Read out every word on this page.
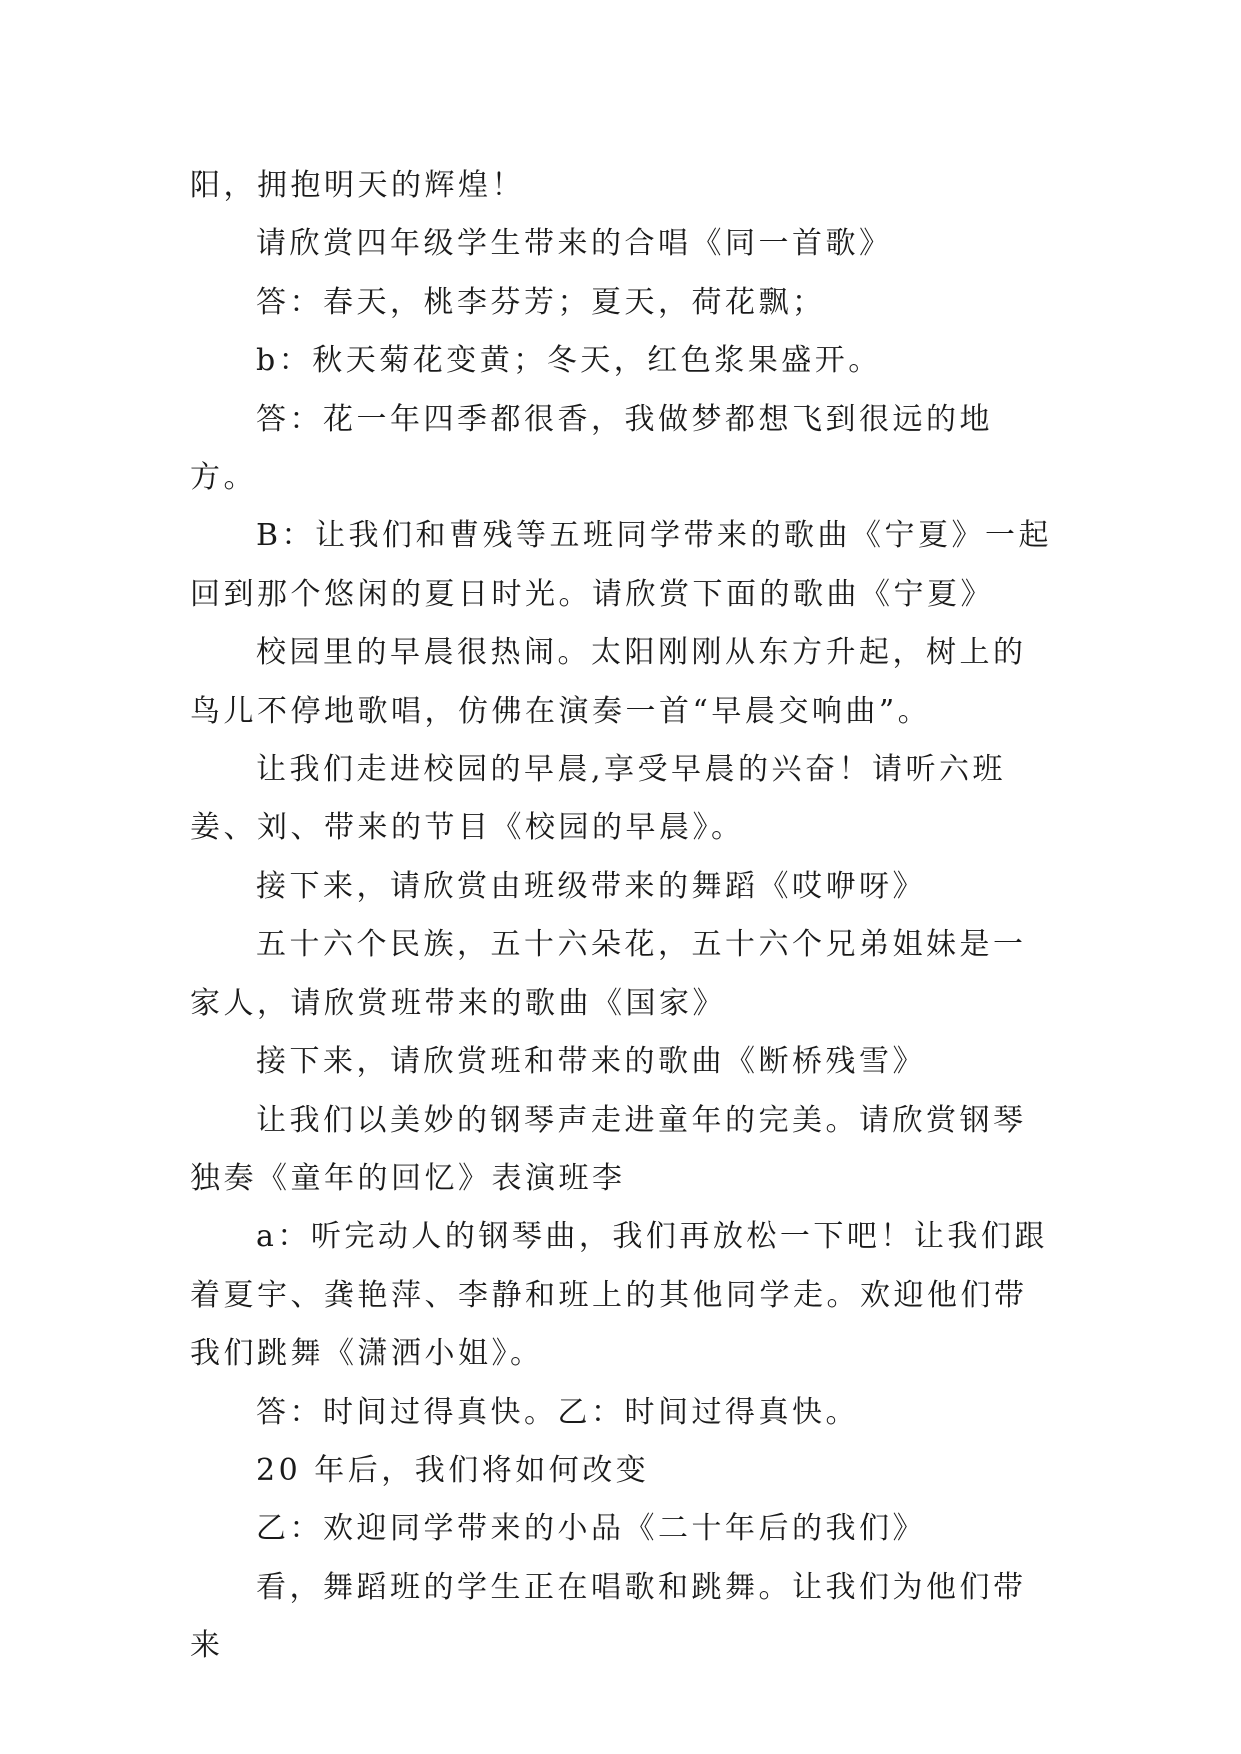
阳，拥抱明天的辉煌！

请欣赏四年级学生带来的合唱《同一首歌》

答：春天，桃李芬芳；夏天，荷花飘；

b：秋天菊花变黄；冬天，红色浆果盛开。

答：花一年四季都很香，我做梦都想飞到很远的地方。

B：让我们和曹残等五班同学带来的歌曲《宁夏》一起回到那个悠闲的夏日时光。请欣赏下面的歌曲《宁夏》

校园里的早晨很热闹。太阳刚刚从东方升起，树上的鸟儿不停地歌唱，仿佛在演奏一首“早晨交响曲”。

让我们走进校园的早晨,享受早晨的兴奋！请听六班姜、刘、带来的节目《校园的早晨》。

接下来，请欣赏由班级带来的舞蹈《哎咿呀》

五十六个民族，五十六朵花，五十六个兄弟姐妹是一家人，请欣赏班带来的歌曲《国家》

接下来，请欣赏班和带来的歌曲《断桥残雪》

让我们以美妙的钢琴声走进童年的完美。请欣赏钢琴独奏《童年的回忆》表演班李

a：听完动人的钢琴曲，我们再放松一下吧！让我们跟着夏宇、龚艳萍、李静和班上的其他同学走。欢迎他们带我们跳舞《潇洒小姐》。

答：时间过得真快。乙：时间过得真快。

20 年后，我们将如何改变

乙：欢迎同学带来的小品《二十年后的我们》

看，舞蹈班的学生正在唱歌和跳舞。让我们为他们带来
